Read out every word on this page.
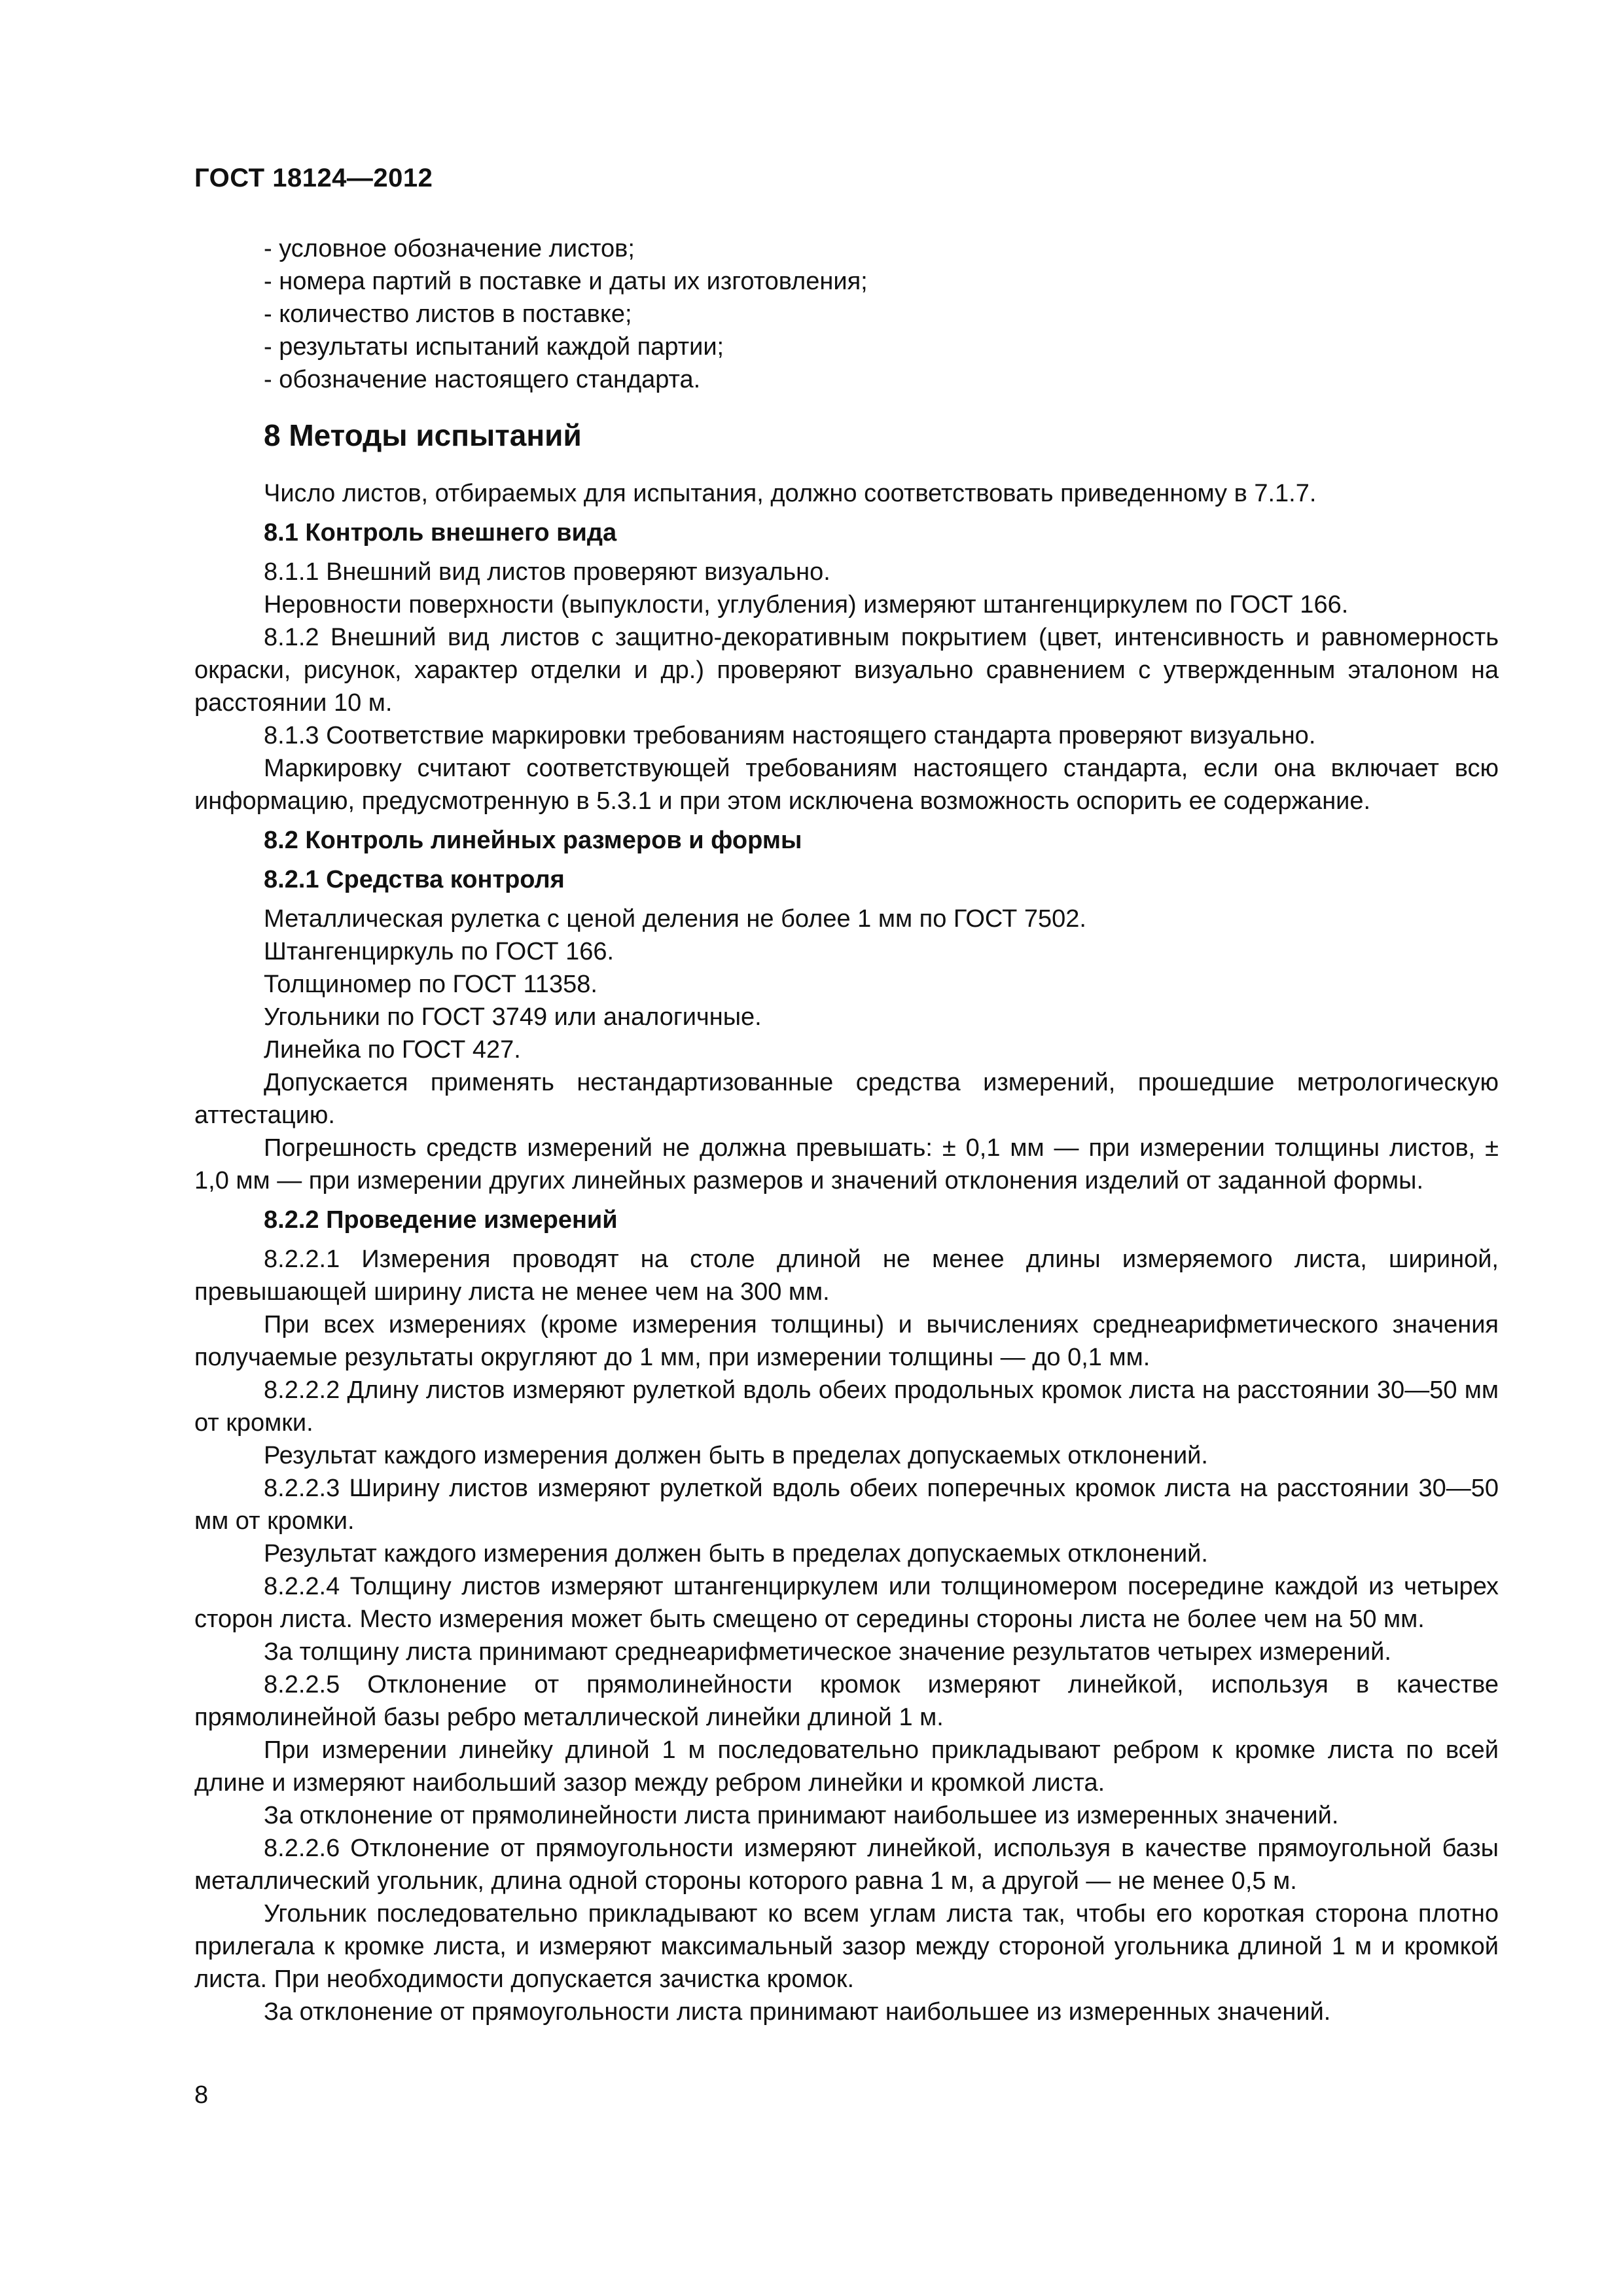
ГОСТ 18124—2012

- условное обозначение листов;

- номера партий в поставке и даты их изготовления;

- количество листов в поставке;

- результаты испытаний каждой партии;

- обозначение настоящего стандарта.

8 Методы испытаний

Число листов, отбираемых для испытания, должно соответствовать приведенному в 7.1.7.

8.1 Контроль внешнего вида

8.1.1 Внешний вид листов проверяют визуально.

Неровности поверхности (выпуклости, углубления) измеряют штангенциркулем по ГОСТ 166.

8.1.2 Внешний вид листов с защитно-декоративным покрытием (цвет, интенсивность и равномерность окраски, рисунок, характер отделки и др.) проверяют визуально сравнением с утвержденным эталоном на расстоянии 10 м.

8.1.3 Соответствие маркировки требованиям настоящего стандарта проверяют визуально.

Маркировку считают соответствующей требованиям настоящего стандарта, если она включает всю информацию, предусмотренную в 5.3.1 и при этом исключена возможность оспорить ее содержание.

8.2 Контроль линейных размеров и формы

8.2.1 Средства контроля

Металлическая рулетка с ценой деления не более 1 мм по ГОСТ 7502.

Штангенциркуль по ГОСТ 166.

Толщиномер по ГОСТ 11358.

Угольники по ГОСТ 3749 или аналогичные.

Линейка по ГОСТ 427.

Допускается применять нестандартизованные средства измерений, прошедшие метрологическую аттестацию.

Погрешность средств измерений не должна превышать: ± 0,1 мм — при измерении толщины листов, ± 1,0 мм — при измерении других линейных размеров и значений отклонения изделий от заданной формы.

8.2.2 Проведение измерений

8.2.2.1 Измерения проводят на столе длиной не менее длины измеряемого листа, шириной, превышающей ширину листа не менее чем на 300 мм.

При всех измерениях (кроме измерения толщины) и вычислениях среднеарифметического значения получаемые результаты округляют до 1 мм, при измерении толщины — до 0,1 мм.

8.2.2.2 Длину листов измеряют рулеткой вдоль обеих продольных кромок листа на расстоянии 30—50 мм от кромки.

Результат каждого измерения должен быть в пределах допускаемых отклонений.

8.2.2.3 Ширину листов измеряют рулеткой вдоль обеих поперечных кромок листа на расстоянии 30—50 мм от кромки.

Результат каждого измерения должен быть в пределах допускаемых отклонений.

8.2.2.4 Толщину листов измеряют штангенциркулем или толщиномером посередине каждой из четырех сторон листа. Место измерения может быть смещено от середины стороны листа не более чем на 50 мм.

За толщину листа принимают среднеарифметическое значение результатов четырех измерений.

8.2.2.5 Отклонение от прямолинейности кромок измеряют линейкой, используя в качестве прямолинейной базы ребро металлической линейки длиной 1 м.

При измерении линейку длиной 1 м последовательно прикладывают ребром к кромке листа по всей длине и измеряют наибольший зазор между ребром линейки и кромкой листа.

За отклонение от прямолинейности листа принимают наибольшее из измеренных значений.

8.2.2.6 Отклонение от прямоугольности измеряют линейкой, используя в качестве прямоугольной базы металлический угольник, длина одной стороны которого равна 1 м, а другой — не менее 0,5 м.

Угольник последовательно прикладывают ко всем углам листа так, чтобы его короткая сторона плотно прилегала к кромке листа, и измеряют максимальный зазор между стороной угольника длиной 1 м и кромкой листа. При необходимости допускается зачистка кромок.

За отклонение от прямоугольности листа принимают наибольшее из измеренных значений.

8
